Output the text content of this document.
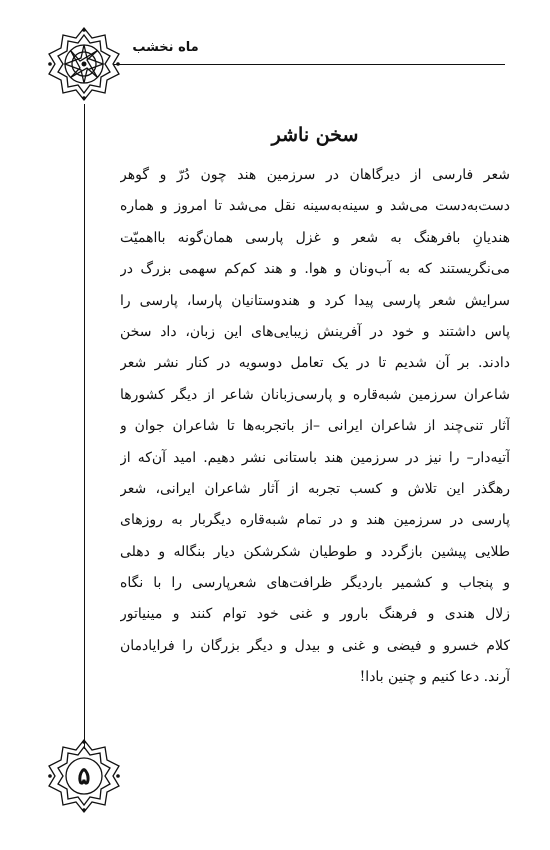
ماه نخشب
سخن ناشر
شعر فارسی از دیرگاهان در سرزمین هند چون دُرّ و گوهر
دست‌به‌دست می‌شد و سینه‌به‌سینه نقل می‌شد تا امروز و هماره
هندیانِ بافرهنگ به شعر و غزل پارسی همان‌گونه بااهمیّت
می‌نگریستند که به آب‌ونان و هوا. و هند کم‌کم سهمی بزرگ در
سرایش شعر پارسی پیدا کرد و هندوستانیان پارسا، پارسی را
پاس داشتند و خود در آفرینش زیبایی‌های این زبان، داد سخن
دادند. بر آن شدیم تا در یک تعامل دوسویه در کنار نشر شعر
شاعران سرزمین شبه‌قاره و پارسی‌زبانان شاعر از دیگر کشورها
آثار تنی‌چند از شاعران ایرانی –از باتجربه‌ها تا شاعران جوان و
آتیه‌دار– را نیز در سرزمین هند باستانی نشر دهیم. امید آن‌که از
رهگذر این تلاش و کسب تجربه از آثار شاعران ایرانی، شعر
پارسی در سرزمین هند و در تمام شبه‌قاره دیگربار به روزهای
طلایی پیشین بازگردد و طوطیان شکرشکن دیار بنگاله و دهلی
و پنجاب و کشمیر باردیگر ظرافت‌های شعرپارسی را با نگاه
زلال هندی و فرهنگ بارور و غنی خود توام کنند و مینیاتور
کلام خسرو و فیضی و غنی و بیدل و دیگر بزرگان را فرایادمان
آرند. دعا کنیم و چنین بادا!
۵
